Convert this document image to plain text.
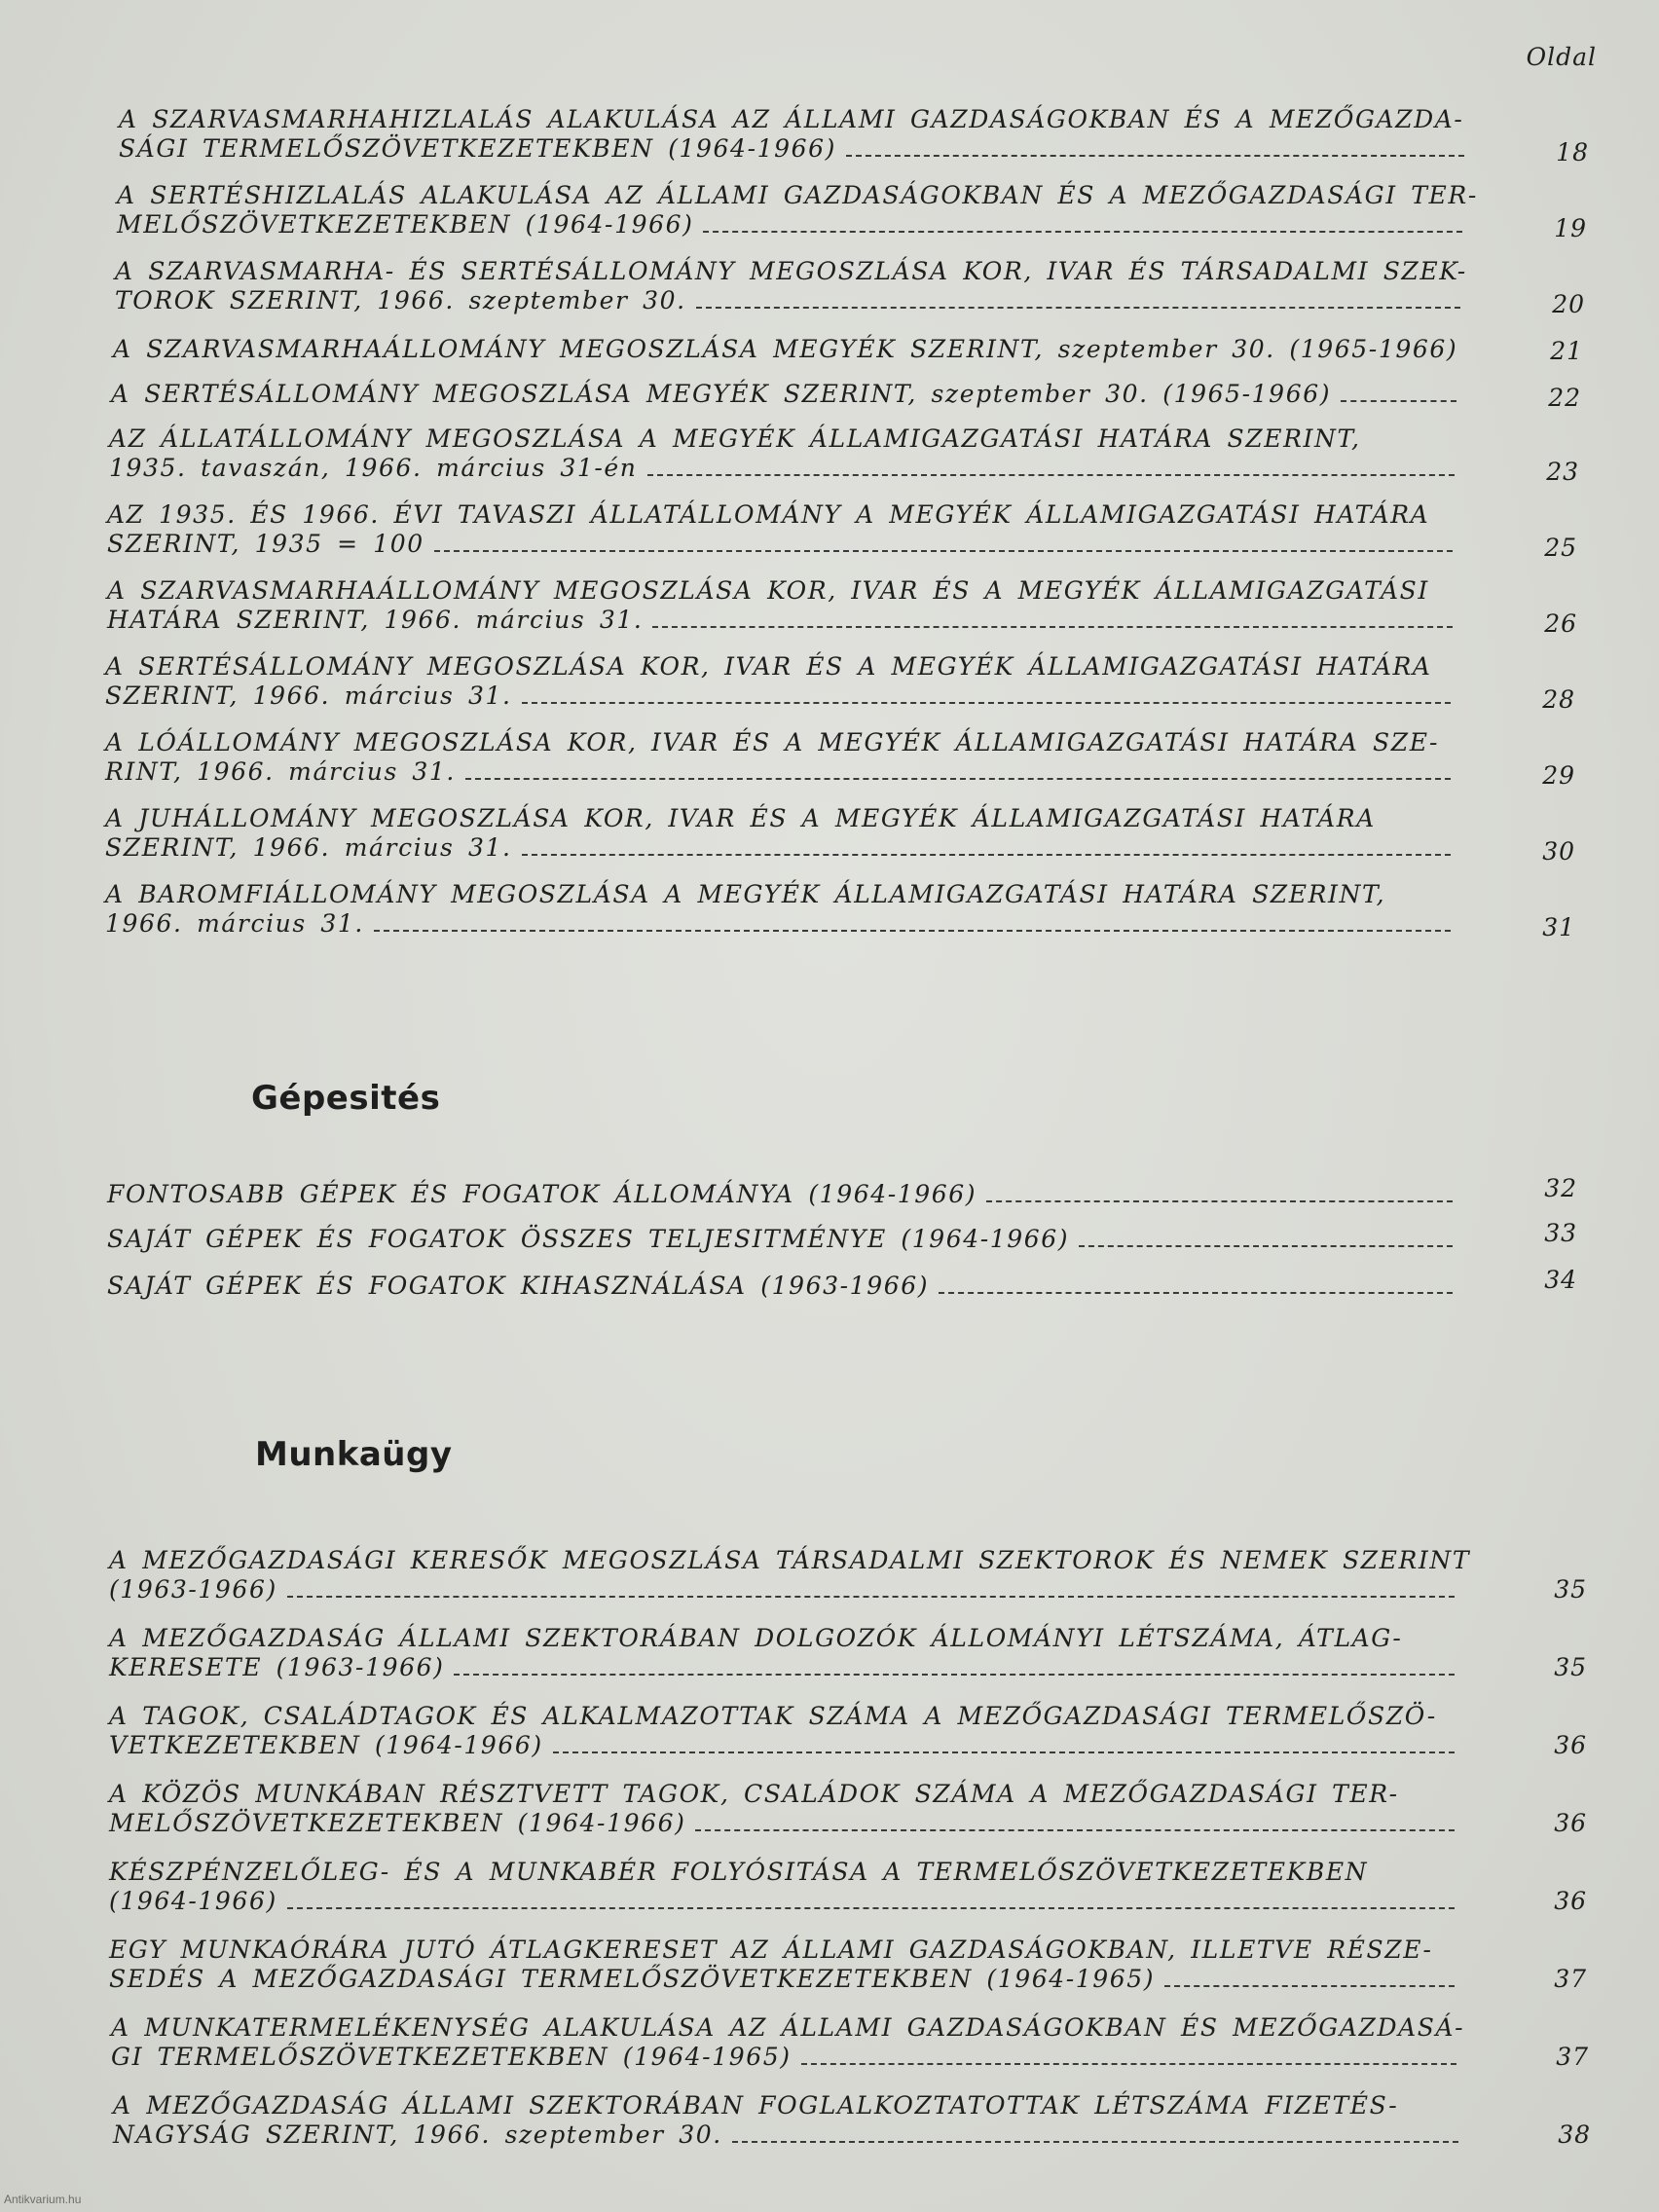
Oldal
A SZARVASMARHAHIZLALÁS ALAKULÁSA AZ ÁLLAMI GAZDASÁGOKBAN ÉS A MEZŐGAZDA-
SÁGI TERMELŐSZÖVETKEZETEKBEN (1964-1966)	18
A SERTÉSHIZLALÁS ALAKULÁSA AZ ÁLLAMI GAZDASÁGOKBAN ÉS A MEZŐGAZDASÁGI TER-
MELŐSZÖVETKEZETEKBEN (1964-1966)	19
A SZARVASMARHA- ÉS SERTÉSÁLLOMÁNY MEGOSZLÁSA KOR, IVAR ÉS TÁRSADALMI SZEK-
TOROK SZERINT, 1966. szeptember 30.	20
A SZARVASMARHAÁLLOMÁNY MEGOSZLÁSA MEGYÉK SZERINT, szeptember 30. (1965-1966)	21
A SERTÉSÁLLOMÁNY MEGOSZLÁSA MEGYÉK SZERINT, szeptember 30. (1965-1966)	22
AZ ÁLLATÁLLOMÁNY MEGOSZLÁSA A MEGYÉK ÁLLAMIGAZGATÁSI HATÁRA SZERINT,
1935. tavaszán, 1966. március 31-én	23
AZ 1935. ÉS 1966. ÉVI TAVASZI ÁLLATÁLLOMÁNY A MEGYÉK ÁLLAMIGAZGATÁSI HATÁRA
SZERINT, 1935 = 100	25
A SZARVASMARHAÁLLOMÁNY MEGOSZLÁSA KOR, IVAR ÉS A MEGYÉK ÁLLAMIGAZGATÁSI
HATÁRA SZERINT, 1966. március 31.	26
A SERTÉSÁLLOMÁNY MEGOSZLÁSA KOR, IVAR ÉS A MEGYÉK ÁLLAMIGAZGATÁSI HATÁRA
SZERINT, 1966. március 31.	28
A LÓÁLLOMÁNY MEGOSZLÁSA KOR, IVAR ÉS A MEGYÉK ÁLLAMIGAZGATÁSI HATÁRA SZE-
RINT, 1966. március 31.	29
A JUHÁLLOMÁNY MEGOSZLÁSA KOR, IVAR ÉS A MEGYÉK ÁLLAMIGAZGATÁSI HATÁRA
SZERINT, 1966. március 31.	30
A BAROMFIÁLLOMÁNY MEGOSZLÁSA A MEGYÉK ÁLLAMIGAZGATÁSI HATÁRA SZERINT,
1966. március 31.	31
Gépesités
FONTOSABB GÉPEK ÉS FOGATOK ÁLLOMÁNYA (1964-1966)	32
SAJÁT GÉPEK ÉS FOGATOK ÖSSZES TELJESITMÉNYE (1964-1966)	33
SAJÁT GÉPEK ÉS FOGATOK KIHASZNÁLÁSA (1963-1966)	34
Munkaügy
A MEZŐGAZDASÁGI KERESŐK MEGOSZLÁSA TÁRSADALMI SZEKTOROK ÉS NEMEK SZERINT
(1963-1966)	35
A MEZŐGAZDASÁG ÁLLAMI SZEKTORÁBAN DOLGOZÓK ÁLLOMÁNYI LÉTSZÁMA, ÁTLAG-
KERESETE (1963-1966)	35
A TAGOK, CSALÁDTAGOK ÉS ALKALMAZOTTAK SZÁMA A MEZŐGAZDASÁGI TERMELŐSZÖ-
VETKEZETEKBEN (1964-1966)	36
A KÖZÖS MUNKÁBAN RÉSZTVETT TAGOK, CSALÁDOK SZÁMA A MEZŐGAZDASÁGI TER-
MELŐSZÖVETKEZETEKBEN (1964-1966)	36
KÉSZPÉNZELŐLEG- ÉS A MUNKABÉR FOLYÓSITÁSA A TERMELŐSZÖVETKEZETEKBEN
(1964-1966)	36
EGY MUNKAÓRÁRA JUTÓ ÁTLAGKERESET AZ ÁLLAMI GAZDASÁGOKBAN, ILLETVE RÉSZE-
SEDÉS A MEZŐGAZDASÁGI TERMELŐSZÖVETKEZETEKBEN (1964-1965)	37
A MUNKATERMELÉKENYSÉG ALAKULÁSA AZ ÁLLAMI GAZDASÁGOKBAN ÉS MEZŐGAZDASÁ-
GI TERMELŐSZÖVETKEZETEKBEN (1964-1965)	37
A MEZŐGAZDASÁG ÁLLAMI SZEKTORÁBAN FOGLALKOZTATOTTAK LÉTSZÁMA FIZETÉS-
NAGYSÁG SZERINT, 1966. szeptember 30.	38
Antikvarium.hu
